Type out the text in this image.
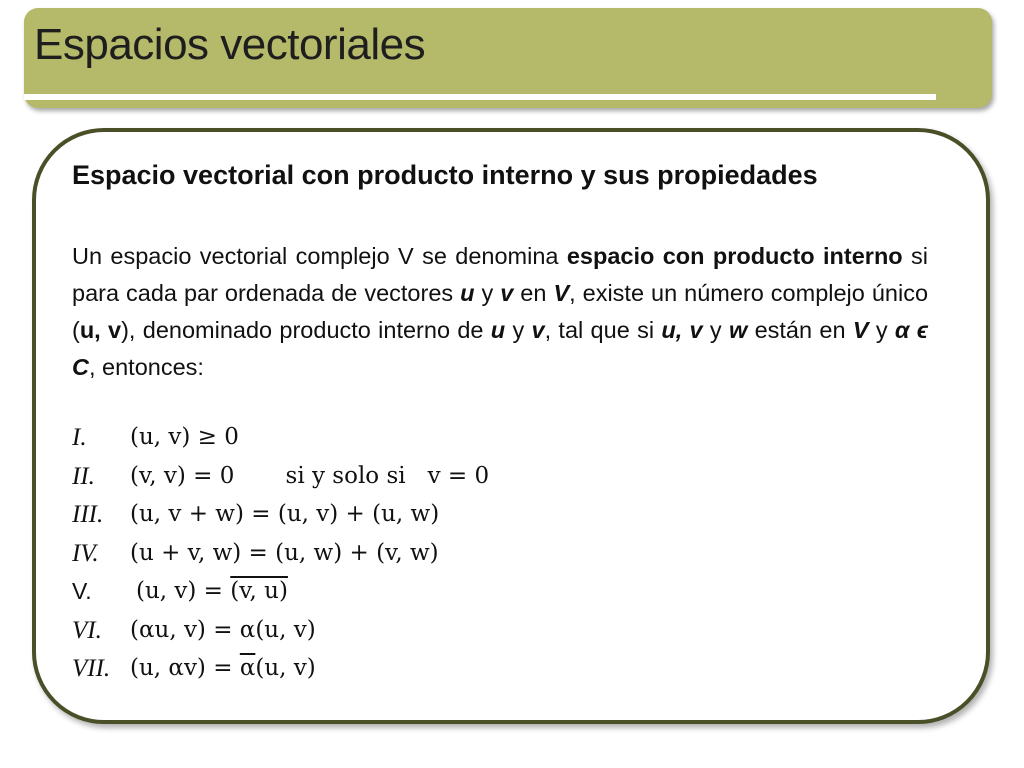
Espacios vectoriales
Espacio vectorial con producto interno y sus propiedades
Un espacio vectorial complejo V se denomina espacio con producto interno si para cada par ordenada de vectores u y v en V, existe un número complejo único (u, v), denominado producto interno de u y v, tal que si u, v y w están en V y α ϵ C, entonces:
I. (u, v) ≥ 0
II. (v, v) = 0       si y solo si   v = 0
III. (u, v + w) = (u, v) + (u, w)
IV. (u + v, w) = (u, w) + (v, w)
V. (u, v) = (v, u)
VI. (αu, v) = α(u, v)
VII. (u, $\alpha v) = \overline{\alpha}(u$, v)
